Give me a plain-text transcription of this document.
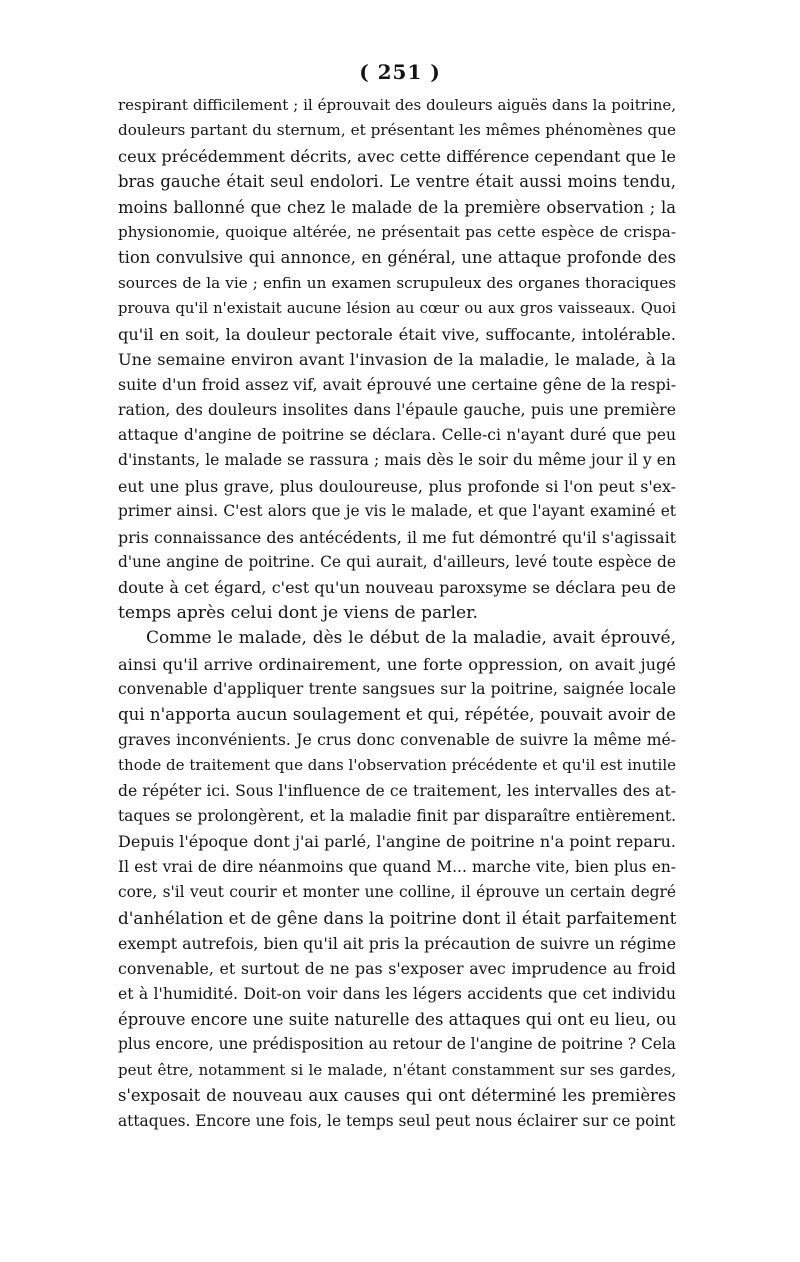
( 251 )
respirant difficilement ; il éprouvait des douleurs aiguës dans la poitrine,
douleurs partant du sternum, et présentant les mêmes phénomènes que
ceux précédemment décrits, avec cette différence cependant que le
bras gauche était seul endolori. Le ventre était aussi moins tendu,
moins ballonné que chez le malade de la première observation ; la
physionomie, quoique altérée, ne présentait pas cette espèce de crispa-
tion convulsive qui annonce, en général, une attaque profonde des
sources de la vie ; enfin un examen scrupuleux des organes thoraciques
prouva qu'il n'existait aucune lésion au cœur ou aux gros vaisseaux. Quoi
qu'il en soit, la douleur pectorale était vive, suffocante, intolérable.
Une semaine environ avant l'invasion de la maladie, le malade, à la
suite d'un froid assez vif, avait éprouvé une certaine gêne de la respi-
ration, des douleurs insolites dans l'épaule gauche, puis une première
attaque d'angine de poitrine se déclara. Celle-ci n'ayant duré que peu
d'instants, le malade se rassura ; mais dès le soir du même jour il y en
eut une plus grave, plus douloureuse, plus profonde si l'on peut s'ex-
primer ainsi. C'est alors que je vis le malade, et que l'ayant examiné et
pris connaissance des antécédents, il me fut démontré qu'il s'agissait
d'une angine de poitrine. Ce qui aurait, d'ailleurs, levé toute espèce de
doute à cet égard, c'est qu'un nouveau paroxsyme se déclara peu de
temps après celui dont je viens de parler.
Comme le malade, dès le début de la maladie, avait éprouvé,
ainsi qu'il arrive ordinairement, une forte oppression, on avait jugé
convenable d'appliquer trente sangsues sur la poitrine, saignée locale
qui n'apporta aucun soulagement et qui, répétée, pouvait avoir de
graves inconvénients. Je crus donc convenable de suivre la même mé-
thode de traitement que dans l'observation précédente et qu'il est inutile
de répéter ici. Sous l'influence de ce traitement, les intervalles des at-
taques se prolongèrent, et la maladie finit par disparaître entièrement.
Depuis l'époque dont j'ai parlé, l'angine de poitrine n'a point reparu.
Il est vrai de dire néanmoins que quand M... marche vite, bien plus en-
core, s'il veut courir et monter une colline, il éprouve un certain degré
d'anhélation et de gêne dans la poitrine dont il était parfaitement
exempt autrefois, bien qu'il ait pris la précaution de suivre un régime
convenable, et surtout de ne pas s'exposer avec imprudence au froid
et à l'humidité. Doit-on voir dans les légers accidents que cet individu
éprouve encore une suite naturelle des attaques qui ont eu lieu, ou
plus encore, une prédisposition au retour de l'angine de poitrine ? Cela
peut être, notamment si le malade, n'étant constamment sur ses gardes,
s'exposait de nouveau aux causes qui ont déterminé les premières
attaques. Encore une fois, le temps seul peut nous éclairer sur ce point
